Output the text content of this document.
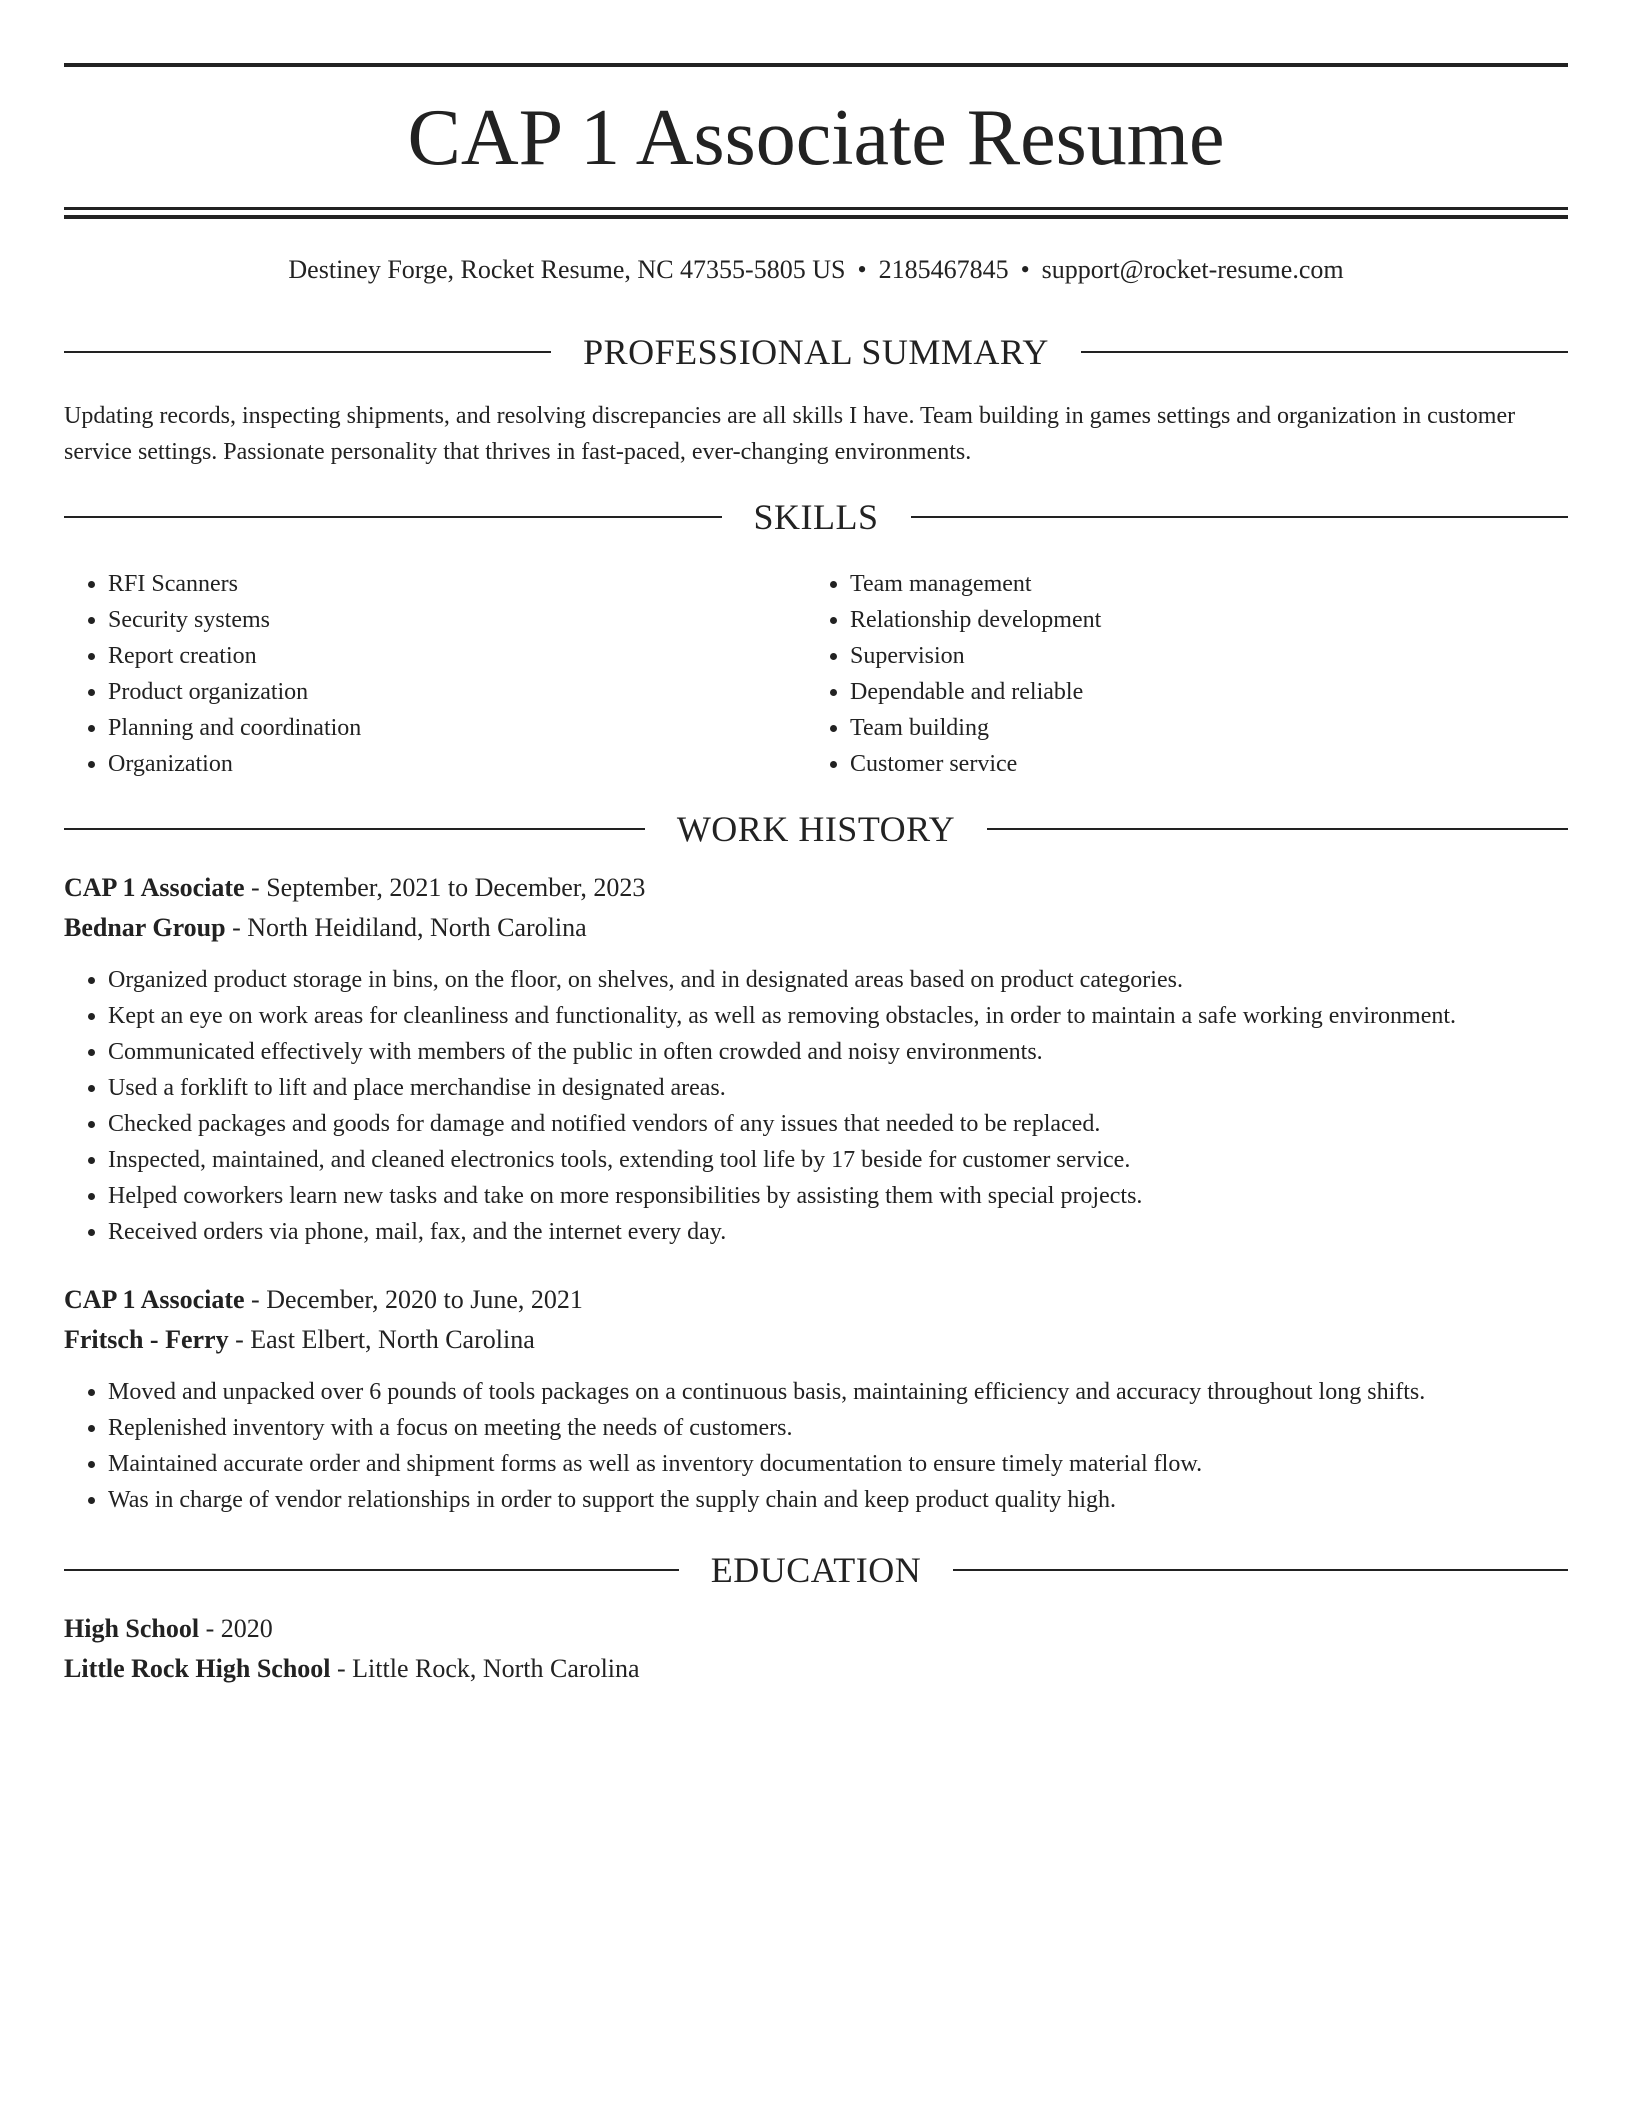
CAP 1 Associate Resume
Destiney Forge, Rocket Resume, NC 47355-5805 US • 2185467845 • support@rocket-resume.com
PROFESSIONAL SUMMARY

Updating records, inspecting shipments, and resolving discrepancies are all skills I have. Team building in games settings and organization in customer service settings. Passionate personality that thrives in fast-paced, ever-changing environments.

SKILLS
• RFI Scanners
• Security systems
• Report creation
• Product organization
• Planning and coordination
• Organization
• Team management
• Relationship development
• Supervision
• Dependable and reliable
• Team building
• Customer service
WORK HISTORY

CAP 1 Associate - September, 2021 to December, 2023

Bednar Group - North Heidiland, North Carolina

• Organized product storage in bins, on the floor, on shelves, and in designated areas based on product categories.
• Kept an eye on work areas for cleanliness and functionality, as well as removing obstacles, in order to maintain a safe working environment.
• Communicated effectively with members of the public in often crowded and noisy environments.
• Used a forklift to lift and place merchandise in designated areas.
• Checked packages and goods for damage and notified vendors of any issues that needed to be replaced.
• Inspected, maintained, and cleaned electronics tools, extending tool life by 17 beside for customer service.
• Helped coworkers learn new tasks and take on more responsibilities by assisting them with special projects.
• Received orders via phone, mail, fax, and the internet every day.

CAP 1 Associate - December, 2020 to June, 2021

Fritsch - Ferry - East Elbert, North Carolina

• Moved and unpacked over 6 pounds of tools packages on a continuous basis, maintaining efficiency and accuracy throughout long shifts.
• Replenished inventory with a focus on meeting the needs of customers.
• Maintained accurate order and shipment forms as well as inventory documentation to ensure timely material flow.
• Was in charge of vendor relationships in order to support the supply chain and keep product quality high.
EDUCATION

High School - 2020

Little Rock High School - Little Rock, North Carolina
